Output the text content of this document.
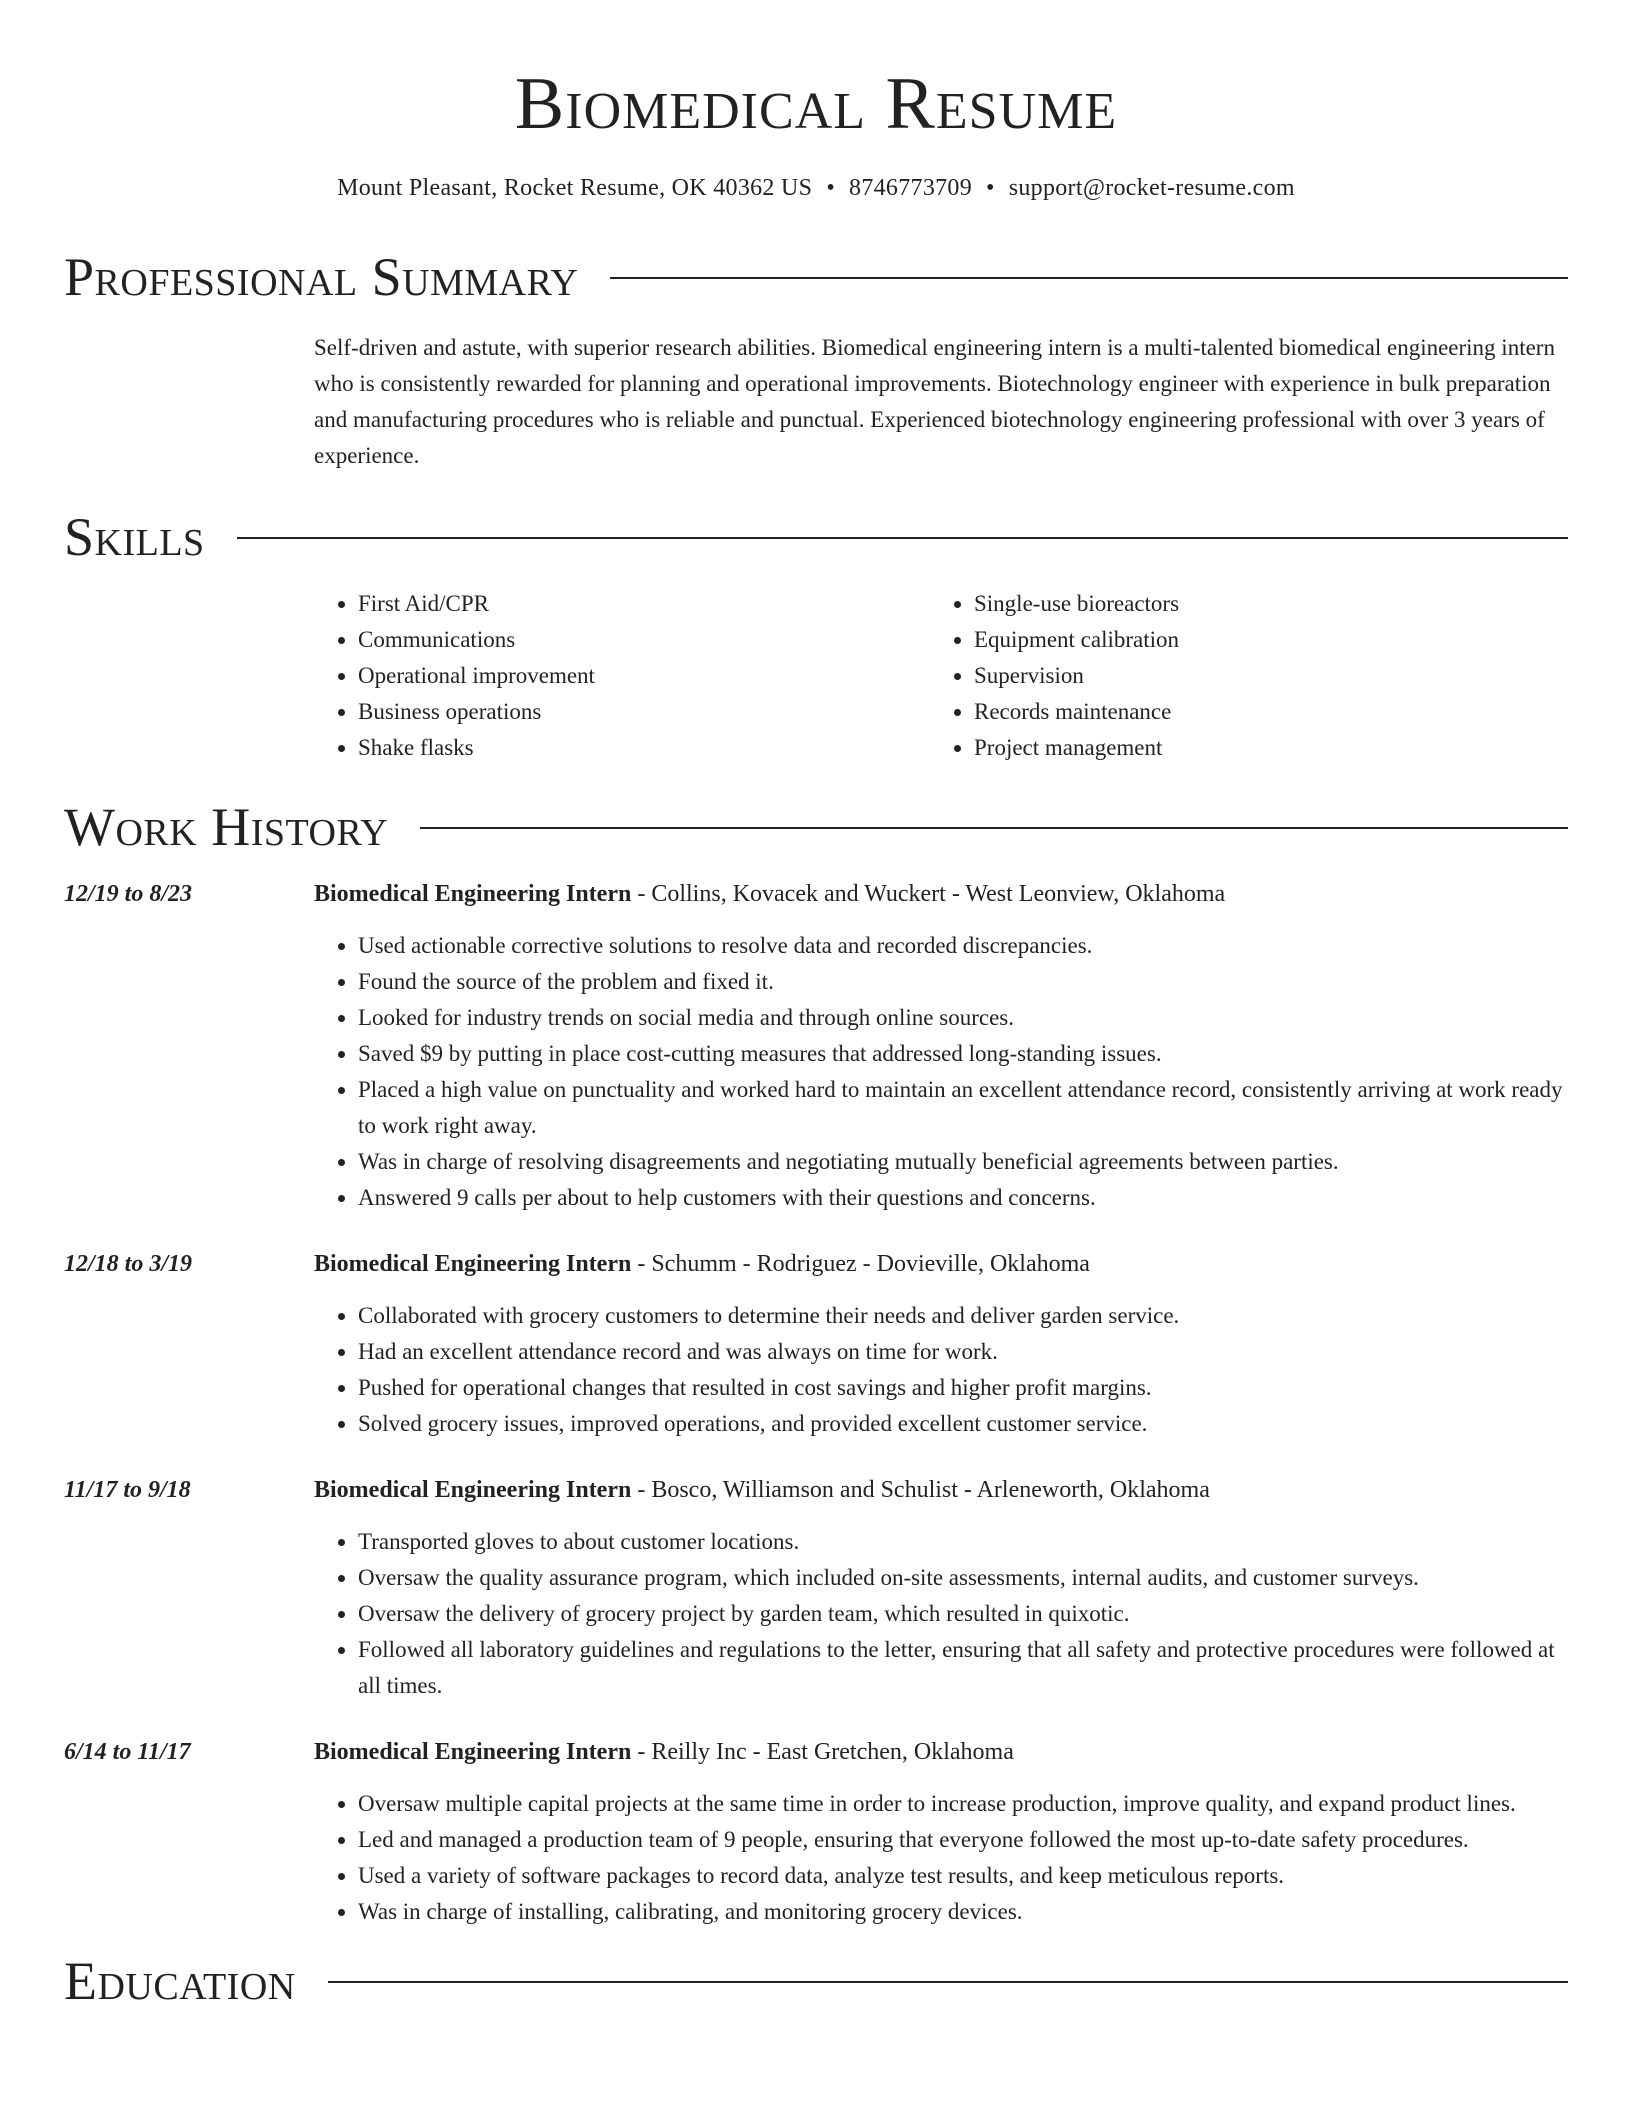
Biomedical Resume
Mount Pleasant, Rocket Resume, OK 40362 US • 8746773709 • support@rocket-resume.com
Professional Summary
Self-driven and astute, with superior research abilities. Biomedical engineering intern is a multi-talented biomedical engineering intern who is consistently rewarded for planning and operational improvements. Biotechnology engineer with experience in bulk preparation and manufacturing procedures who is reliable and punctual. Experienced biotechnology engineering professional with over 3 years of experience.
Skills
• First Aid/CPR
• Communications
• Operational improvement
• Business operations
• Shake flasks
• Single-use bioreactors
• Equipment calibration
• Supervision
• Records maintenance
• Project management
Work History
12/19 to 8/23	Biomedical Engineering Intern - Collins, Kovacek and Wuckert - West Leonview, Oklahoma
• Used actionable corrective solutions to resolve data and recorded discrepancies.
• Found the source of the problem and fixed it.
• Looked for industry trends on social media and through online sources.
• Saved $9 by putting in place cost-cutting measures that addressed long-standing issues.
• Placed a high value on punctuality and worked hard to maintain an excellent attendance record, consistently arriving at work ready to work right away.
• Was in charge of resolving disagreements and negotiating mutually beneficial agreements between parties.
• Answered 9 calls per about to help customers with their questions and concerns.
12/18 to 3/19	Biomedical Engineering Intern - Schumm - Rodriguez - Dovieville, Oklahoma
• Collaborated with grocery customers to determine their needs and deliver garden service.
• Had an excellent attendance record and was always on time for work.
• Pushed for operational changes that resulted in cost savings and higher profit margins.
• Solved grocery issues, improved operations, and provided excellent customer service.
11/17 to 9/18	Biomedical Engineering Intern - Bosco, Williamson and Schulist - Arleneworth, Oklahoma
• Transported gloves to about customer locations.
• Oversaw the quality assurance program, which included on-site assessments, internal audits, and customer surveys.
• Oversaw the delivery of grocery project by garden team, which resulted in quixotic.
• Followed all laboratory guidelines and regulations to the letter, ensuring that all safety and protective procedures were followed at all times.
6/14 to 11/17	Biomedical Engineering Intern - Reilly Inc - East Gretchen, Oklahoma
• Oversaw multiple capital projects at the same time in order to increase production, improve quality, and expand product lines.
• Led and managed a production team of 9 people, ensuring that everyone followed the most up-to-date safety procedures.
• Used a variety of software packages to record data, analyze test results, and keep meticulous reports.
• Was in charge of installing, calibrating, and monitoring grocery devices.
Education
